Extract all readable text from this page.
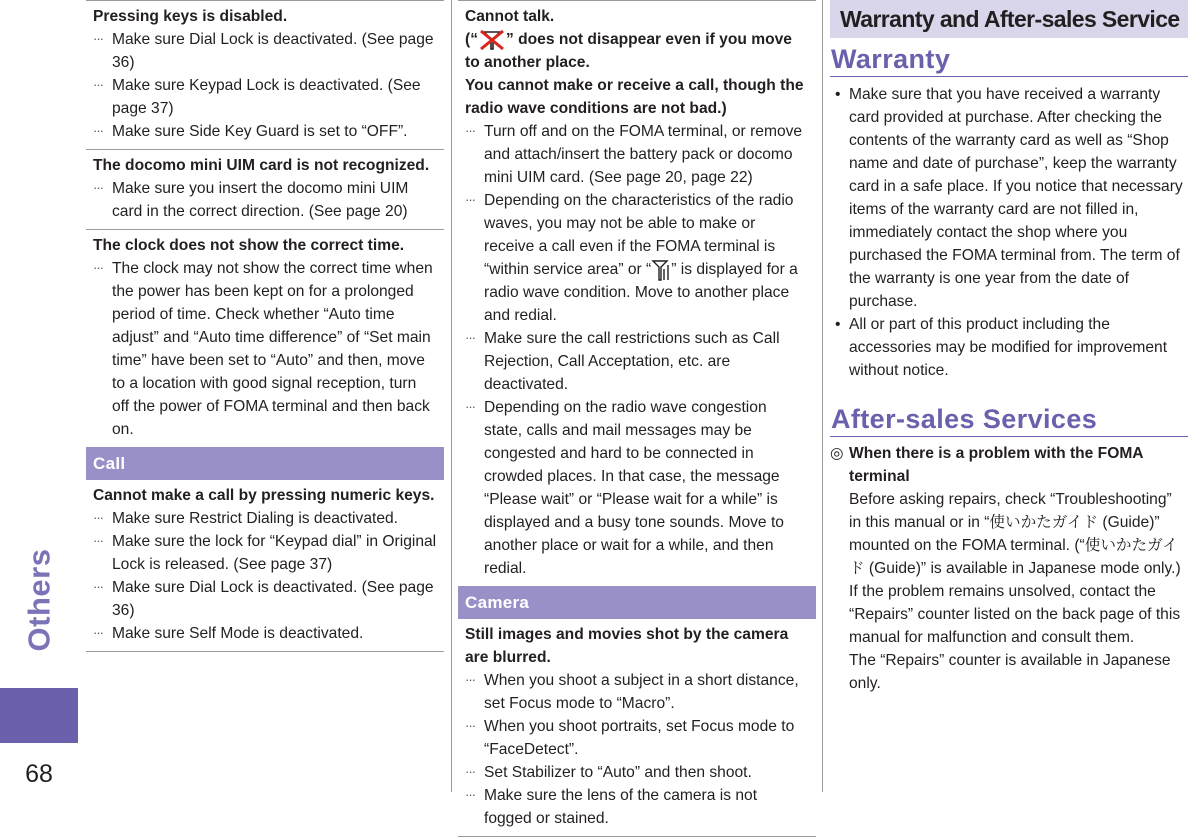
Others
68
Pressing keys is disabled.
··· Make sure Dial Lock is deactivated. (See page 36)
··· Make sure Keypad Lock is deactivated. (See page 37)
··· Make sure Side Key Guard is set to “OFF”.
The docomo mini UIM card is not recognized.
··· Make sure you insert the docomo mini UIM card in the correct direction. (See page 20)
The clock does not show the correct time.
··· The clock may not show the correct time when the power has been kept on for a prolonged period of time. Check whether “Auto time adjust” and “Auto time difference” of “Set main time” have been set to “Auto” and then, move to a location with good signal reception, turn off the power of FOMA terminal and then back on.
Call
Cannot make a call by pressing numeric keys.
··· Make sure Restrict Dialing is deactivated.
··· Make sure the lock for “Keypad dial” in Original Lock is released. (See page 37)
··· Make sure Dial Lock is deactivated. (See page 36)
··· Make sure Self Mode is deactivated.
Cannot talk.
(“ ” does not disappear even if you move to another place.
You cannot make or receive a call, though the radio wave conditions are not bad.)
··· Turn off and on the FOMA terminal, or remove and attach/insert the battery pack or docomo mini UIM card. (See page 20, page 22)
··· Depending on the characteristics of the radio waves, you may not be able to make or receive a call even if the FOMA terminal is “within service area” or “ ” is displayed for a radio wave condition. Move to another place and redial.
··· Make sure the call restrictions such as Call Rejection, Call Acceptation, etc. are deactivated.
··· Depending on the radio wave congestion state, calls and mail messages may be congested and hard to be connected in crowded places. In that case, the message “Please wait” or “Please wait for a while” is displayed and a busy tone sounds. Move to another place or wait for a while, and then redial.
Camera
Still images and movies shot by the camera are blurred.
··· When you shoot a subject in a short distance, set Focus mode to “Macro”.
··· When you shoot portraits, set Focus mode to “FaceDetect”.
··· Set Stabilizer to “Auto” and then shoot.
··· Make sure the lens of the camera is not fogged or stained.
Warranty and After-sales Service
Warranty
• Make sure that you have received a warranty card provided at purchase. After checking the contents of the warranty card as well as “Shop name and date of purchase”, keep the warranty card in a safe place. If you notice that necessary items of the warranty card are not filled in, immediately contact the shop where you purchased the FOMA terminal from. The term of the warranty is one year from the date of purchase.
• All or part of this product including the accessories may be modified for improvement without notice.
After-sales Services
◎ When there is a problem with the FOMA terminal
Before asking repairs, check “Troubleshooting” in this manual or in “使いかたガイド (Guide)” mounted on the FOMA terminal. (“使いかたガイド (Guide)” is available in Japanese mode only.) If the problem remains unsolved, contact the “Repairs” counter listed on the back page of this manual for malfunction and consult them.
The “Repairs” counter is available in Japanese only.
